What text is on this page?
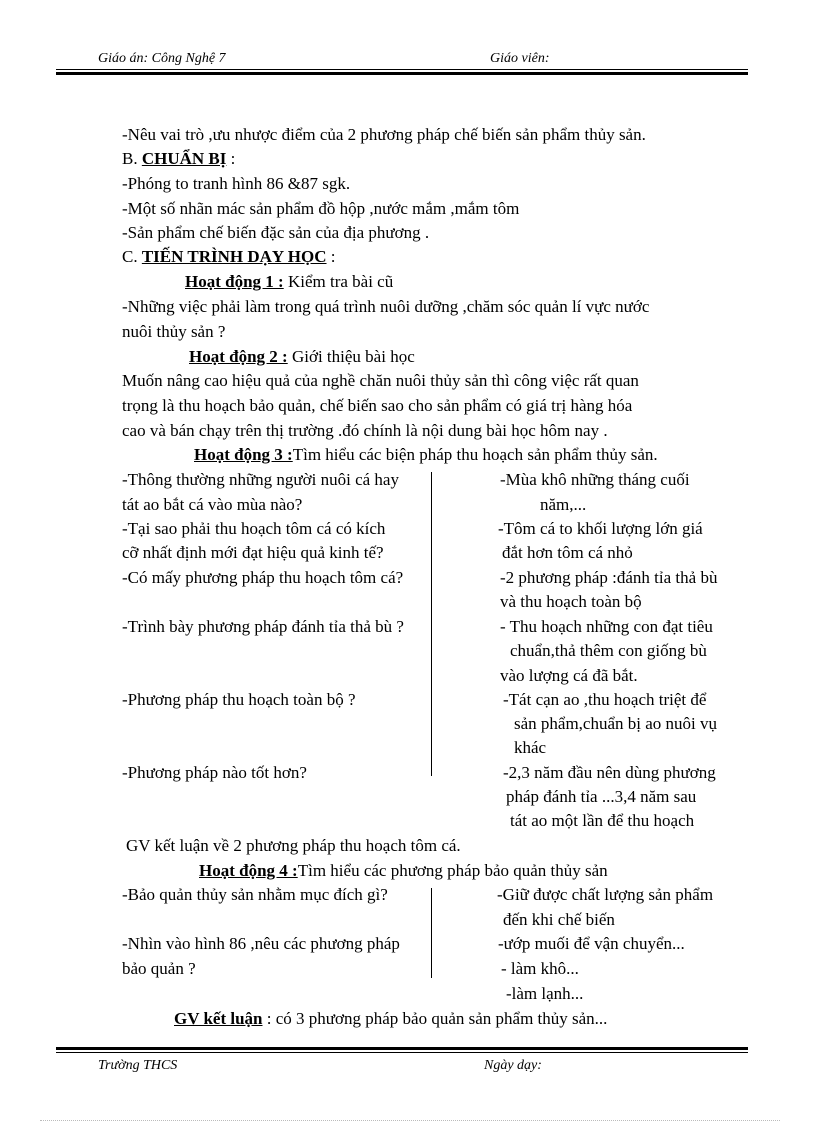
Giáo án: Công Nghệ 7	Giáo viên:
-Nêu vai trò ,ưu nhược điểm của 2 phương pháp chế biến sản phẩm thủy sản.
B. CHUẨN BỊ :
-Phóng to tranh hình 86 &87 sgk.
-Một số nhãn mác sản phẩm đồ hộp ,nước mắm ,mắm tôm
-Sản phẩm chế biến đặc sản của địa phương .
C. TIẾN TRÌNH DẠY HỌC :
Hoạt động 1 : Kiểm tra bài cũ
-Những việc phải làm trong quá trình nuôi dưỡng ,chăm sóc quản lí vực nước
nuôi thủy sản ?
Hoạt động 2 : Giới thiệu bài học
Muốn nâng cao hiệu quả của nghề chăn nuôi thủy sản thì công việc rất quan
trọng là thu hoạch bảo quản, chế biến sao cho sản phẩm có giá trị hàng hóa
cao và bán chạy trên thị trường .đó chính là nội dung bài học hôm nay .
Hoạt động 3 :Tìm hiểu các biện pháp thu hoạch sản phẩm thủy sản.
-Thông thường những người nuôi cá hay
tát ao bắt cá vào mùa nào?
-Tại sao phải thu hoạch tôm cá có kích
cỡ nhất định mới đạt hiệu quả kinh tế?
-Có mấy phương pháp thu hoạch tôm cá?
-Trình bày phương pháp đánh tỉa thả bù ?
-Phương pháp thu hoạch toàn bộ ?
-Phương pháp nào tốt hơn?
-Mùa khô những tháng cuối
năm,...
-Tôm cá to khối lượng lớn giá
đắt hơn tôm cá nhỏ
-2 phương pháp :đánh tỉa thả bù
và thu hoạch toàn bộ
- Thu hoạch những con đạt tiêu
chuẩn,thả thêm con giống bù
vào lượng cá đã bắt.
-Tát cạn ao ,thu hoạch triệt để
sản phẩm,chuẩn bị ao nuôi vụ
khác
-2,3 năm đầu nên dùng phương
pháp đánh tỉa ...3,4 năm sau
tát ao một lần để thu hoạch
GV kết luận về 2 phương pháp thu hoạch tôm cá.
Hoạt động 4 :Tìm hiểu các phương pháp bảo quản thủy sản
-Bảo quản thủy sản nhằm mục đích gì?
-Nhìn vào hình 86 ,nêu các phương pháp
bảo quản ?
-Giữ được chất lượng sản phẩm
đến khi chế biến
-ướp muối để vận chuyển...
- làm khô...
-làm lạnh...
GV kết luận : có 3 phương pháp bảo quản sản phẩm thủy sản...
Trường THCS	Ngày dạy:
